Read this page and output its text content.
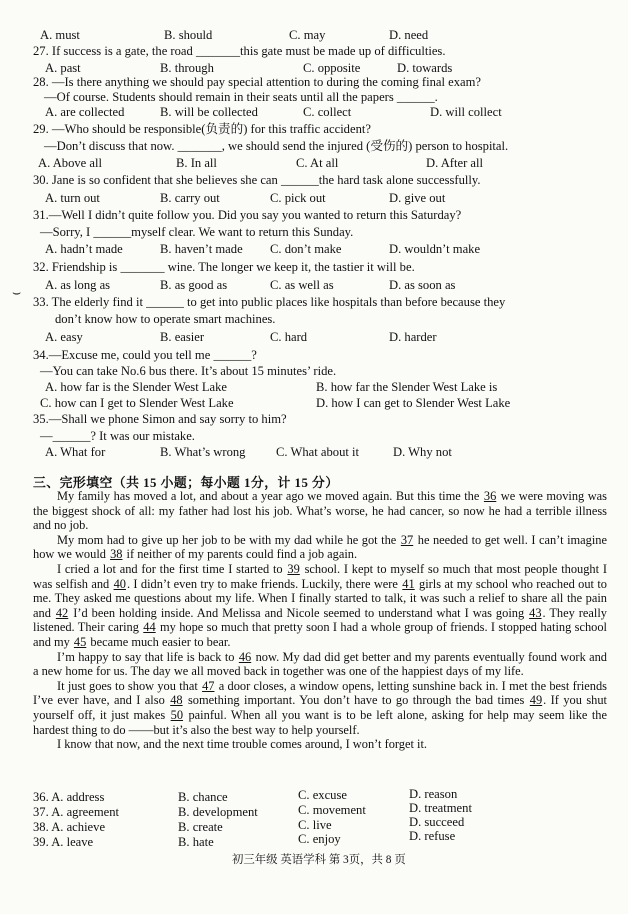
A. must	B. should	C. may	D. need
27. If success is a gate, the road _______this gate must be made up of difficulties.
A. past	B. through	C. opposite	D. towards
28. —Is there anything we should pay special attention to during the coming final exam?
—Of course. Students should remain in their seats until all the papers ______.
A. are collected	B. will be collected	C. collect	D. will collect
29. —Who should be responsible(负责的) for this traffic accident?
—Don’t discuss that now. _______, we should send the injured (受伤的) person to hospital.
A. Above all	B. In all	C. At all	D. After all
30. Jane is so confident that she believes she can ______the hard task alone successfully.
A. turn out	B. carry out	C. pick out	D. give out
31.—Well I didn’t quite follow you. Did you say you wanted to return this Saturday?
—Sorry, I ______myself clear. We want to return this Sunday.
A. hadn’t made	B. haven’t made C. don’t make	D. wouldn’t make
32. Friendship is _______ wine. The longer we keep it, the tastier it will be.
⌣
A. as long as	B. as good as	C. as well as	D. as soon as
33. The elderly find it ______ to get into public places like hospitals than before because they
don’t know how to operate smart machines.
A. easy	B. easier	C. hard	D. harder
34.—Excuse me, could you tell me ______?
—You can take No.6 bus there. It’s about 15 minutes’ ride.
A. how far is the Slender West Lake	B. how far the Slender West Lake is
C. how can I get to Slender West Lake	D. how I can get to Slender West Lake
35.—Shall we phone Simon and say sorry to him?
—______? It was our mistake.
A. What for	B. What’s wrong C. What about it	D. Why not
三、完形填空（共 15 小题；每小题 1分，计 15 分）
My family has moved a lot, and about a year ago we moved again. But this time the 36 we were moving was the biggest shock of all: my father had lost his job. What’s worse, he had cancer, so now he had a terrible illness and no job.
My mom had to give up her job to be with my dad while he got the 37 he needed to get well. I can’t imagine how we would 38 if neither of my parents could find a job again.
I cried a lot and for the first time I started to 39 school. I kept to myself so much that most people thought I was selfish and 40. I didn’t even try to make friends. Luckily, there were 41 girls at my school who reached out to me. They asked me questions about my life. When I finally started to talk, it was such a relief to share all the pain and 42 I’d been holding inside. And Melissa and Nicole seemed to understand what I was going 43. They really listened. Their caring 44 my hope so much that pretty soon I had a whole group of friends. I stopped hating school and my 45 became much easier to bear.
I’m happy to say that life is back to 46 now. My dad did get better and my parents eventually found work and a new home for us. The day we all moved back in together was one of the happiest days of my life.
It just goes to show you that 47 a door closes, a window opens, letting sunshine back in. I met the best friends I’ve ever have, and I also 48 something important. You don’t have to go through the bad times 49. If you shut yourself off, it just makes 50 painful. When all you want is to be left alone, asking for help may seem like the hardest thing to do ——but it’s also the best way to help yourself.
I know that now, and the next time trouble comes around, I won’t forget it.
36. A. address	B. chance	C. excuse	D. reason
37. A. agreement	B. development	C. movement	D. treatment
38. A. achieve	B. create	C. live	D. succeed
39. A. leave	B. hate	C. enjoy	D. refuse
初三年级 英语学科 第 3页，共 8 页
